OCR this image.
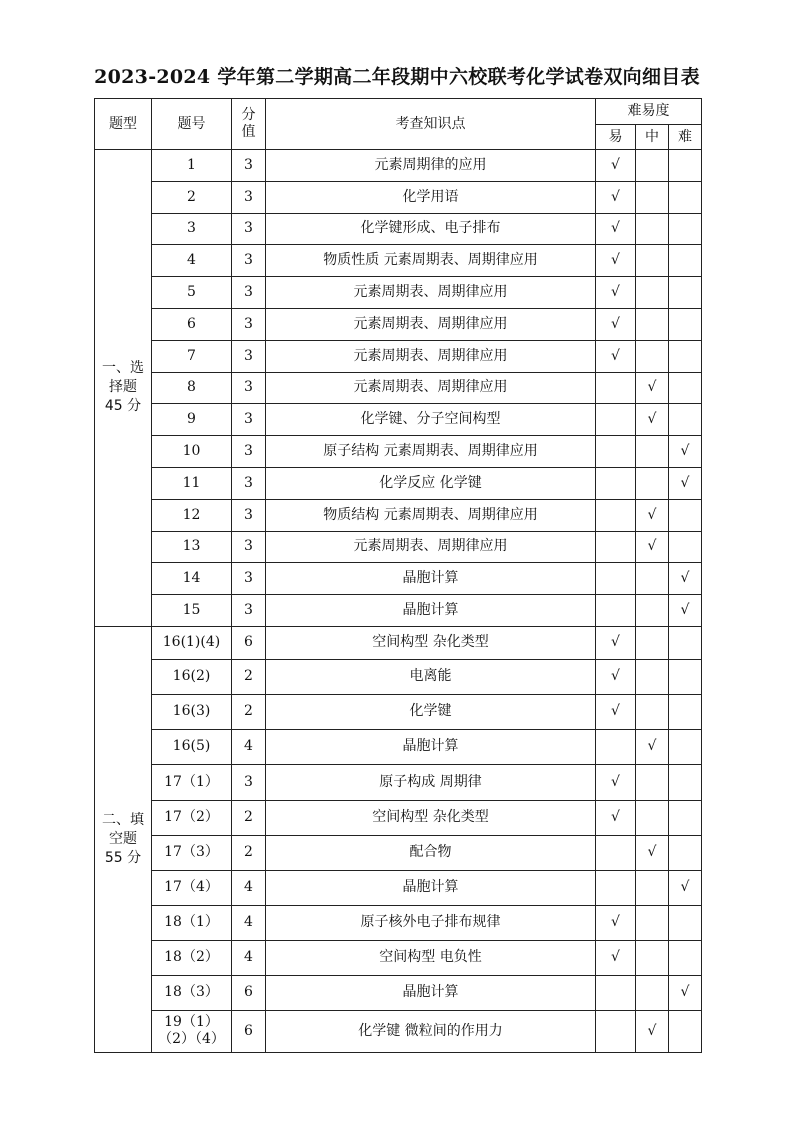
2023-2024 学年第二学期高二年段期中六校联考化学试卷双向细目表
题型	题号	分
值	考查知识点	难易度		
				易	中	难
一、选
择题
45 分	1	3	元素周期律的应用	√		
	2	3	化学用语	√		
	3	3	化学键形成、电子排布	√		
	4	3	物质性质 元素周期表、周期律应用	√		
	5	3	元素周期表、周期律应用	√		
	6	3	元素周期表、周期律应用	√		
	7	3	元素周期表、周期律应用	√		
	8	3	元素周期表、周期律应用		√	
	9	3	化学键、分子空间构型		√	
	10	3	原子结构 元素周期表、周期律应用			√
	11	3	化学反应 化学键			√
	12	3	物质结构 元素周期表、周期律应用		√	
	13	3	元素周期表、周期律应用		√	
	14	3	晶胞计算			√
	15	3	晶胞计算			√
二、填
空题
55 分	16(1)(4)	6	空间构型 杂化类型	√		
	16(2)	2	电离能	√		
	16(3)	2	化学键	√		
	16(5)	4	晶胞计算		√	
	17（1）	3	原子构成 周期律	√		
	17（2）	2	空间构型 杂化类型	√		
	17（3）	2	配合物		√	
	17（4）	4	晶胞计算			√
	18（1）	4	原子核外电子排布规律	√		
	18（2）	4	空间构型 电负性	√		
	18（3）	6	晶胞计算			√
	19（1）
（2）（4）	6	化学键 微粒间的作用力		√	
